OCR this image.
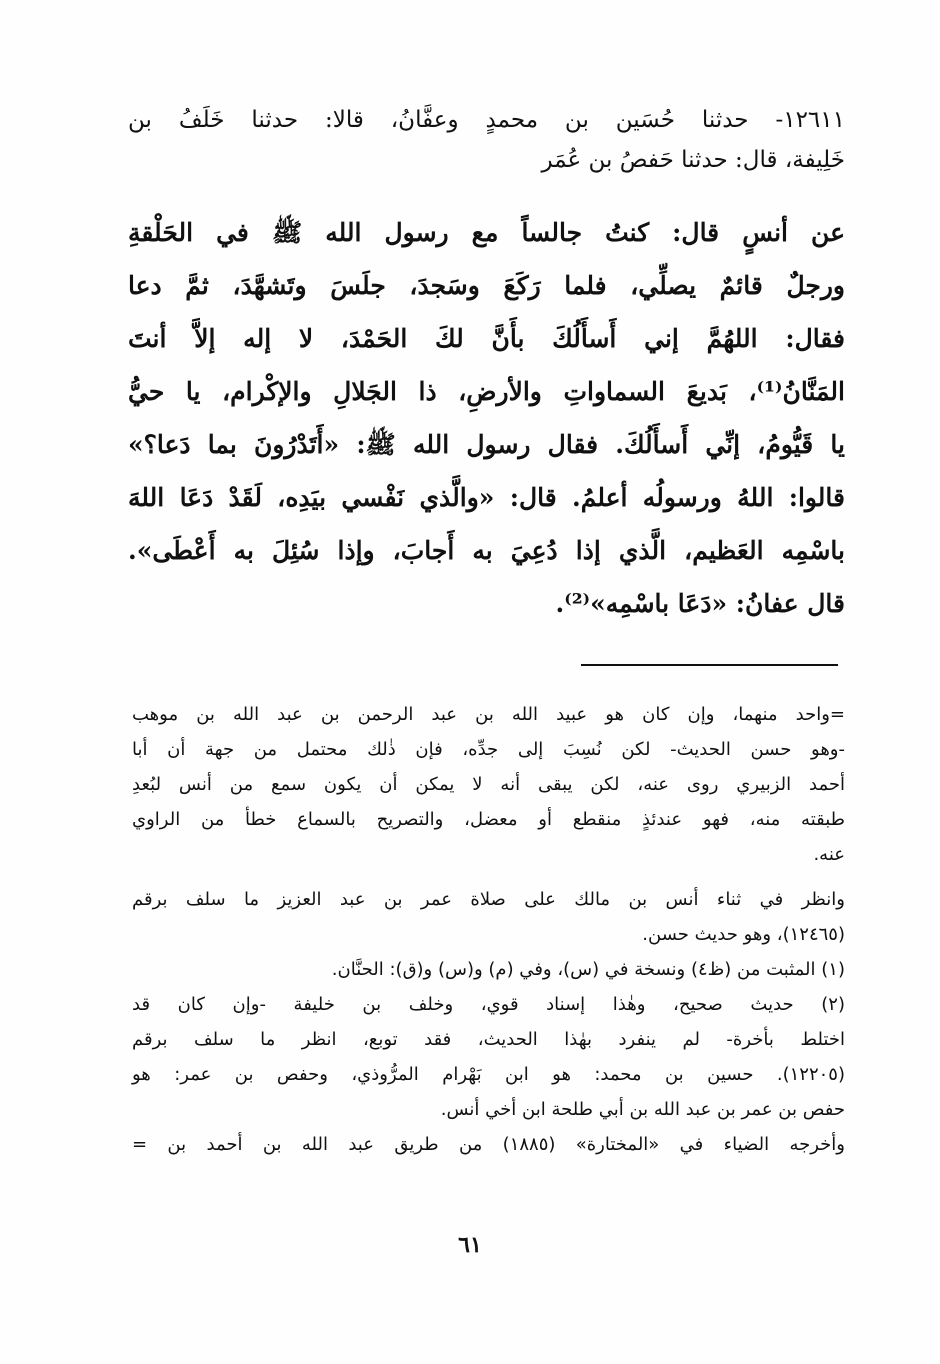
١٢٦١١- حدثنا حُسَين بن محمدٍ وعفَّانُ، قالا: حدثنا خَلَفُ بن
خَلِيفة، قال: حدثنا حَفصُ بن عُمَر
عن أنسٍ قال: كنتُ جالساً مع رسول الله ﷺ في الحَلْقةِ
ورجلٌ قائمٌ يصلِّي، فلما رَكَعَ وسَجدَ، جلَسَ وتَشهَّدَ، ثمَّ دعا
فقال: اللهُمَّ إني أَسأَلُكَ بأَنَّ لكَ الحَمْدَ، لا إله إلاَّ أنتَ
المَنَّانُ⁽¹⁾، بَديعَ السماواتِ والأرضِ، ذا الجَلالِ والإكْرام، يا حيُّ
يا قَيُّومُ، إنِّي أَسأَلُكَ. فقال رسول الله ﷺ: «أَتَدْرُونَ بما دَعا؟»
قالوا: اللهُ ورسولُه أعلمُ. قال: «والَّذي نَفْسي بيَدِه، لَقَدْ دَعَا اللهَ
باسْمِه العَظيم، الَّذي إذا دُعِيَ به أَجابَ، وإذا سُئِلَ به أَعْطَى».
قال عفانُ: «دَعَا باسْمِه»⁽²⁾.
=واحد منهما، وإن كان هو عبيد الله بن عبد الرحمن بن عبد الله بن موهب
-وهو حسن الحديث- لكن نُسِبَ إلى جدِّه، فإن ذٰلك محتمل من جهة أن أبا
أحمد الزبيري روى عنه، لكن يبقى أنه لا يمكن أن يكون سمع من أنس لبُعدِ
طبقته منه، فهو عندئذٍ منقطع أو معضل، والتصريح بالسماع خطأ من الراوي
عنه.
وانظر في ثناء أنس بن مالك على صلاة عمر بن عبد العزيز ما سلف برقم
(١٢٤٦٥)، وهو حديث حسن.
(١) المثبت من (ظ٤) ونسخة في (س)، وفي (م) و(س) و(ق): الحنَّان.
(٢) حديث صحيح، وهٰذا إسناد قوي، وخلف بن خليفة -وإن كان قد
اختلط بأخرة- لم ينفرد بهٰذا الحديث، فقد توبع، انظر ما سلف برقم
(١٢٢٠٥). حسين بن محمد: هو ابن بَهْرام المرُّوذي، وحفص بن عمر: هو
حفص بن عمر بن عبد الله بن أبي طلحة ابن أخي أنس.
وأخرجه الضياء في «المختارة» (١٨٨٥) من طريق عبد الله بن أحمد بن =
٦١
